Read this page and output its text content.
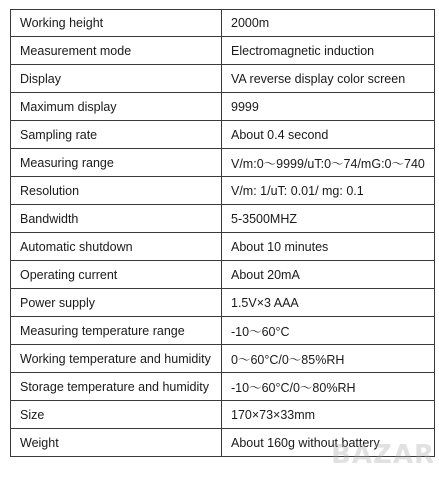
Working height	2000m
Measurement mode	Electromagnetic induction
Display	VA reverse display color screen
Maximum display	9999
Sampling rate	About 0.4 second
Measuring range	V/m:0～9999/uT:0～74/mG:0～740
Resolution	V/m: 1/uT: 0.01/ mg: 0.1
Bandwidth	5-3500MHZ
Automatic shutdown	About 10 minutes
Operating current	About 20mA
Power supply	1.5V×3 AAA
Measuring temperature range	-10～60°C
Working temperature and humidity	0～60°C/0～85%RH
Storage temperature and humidity	-10～60°C/0～80%RH
Size	170×73×33mm
Weight	About 160g without battery
BAZAR
